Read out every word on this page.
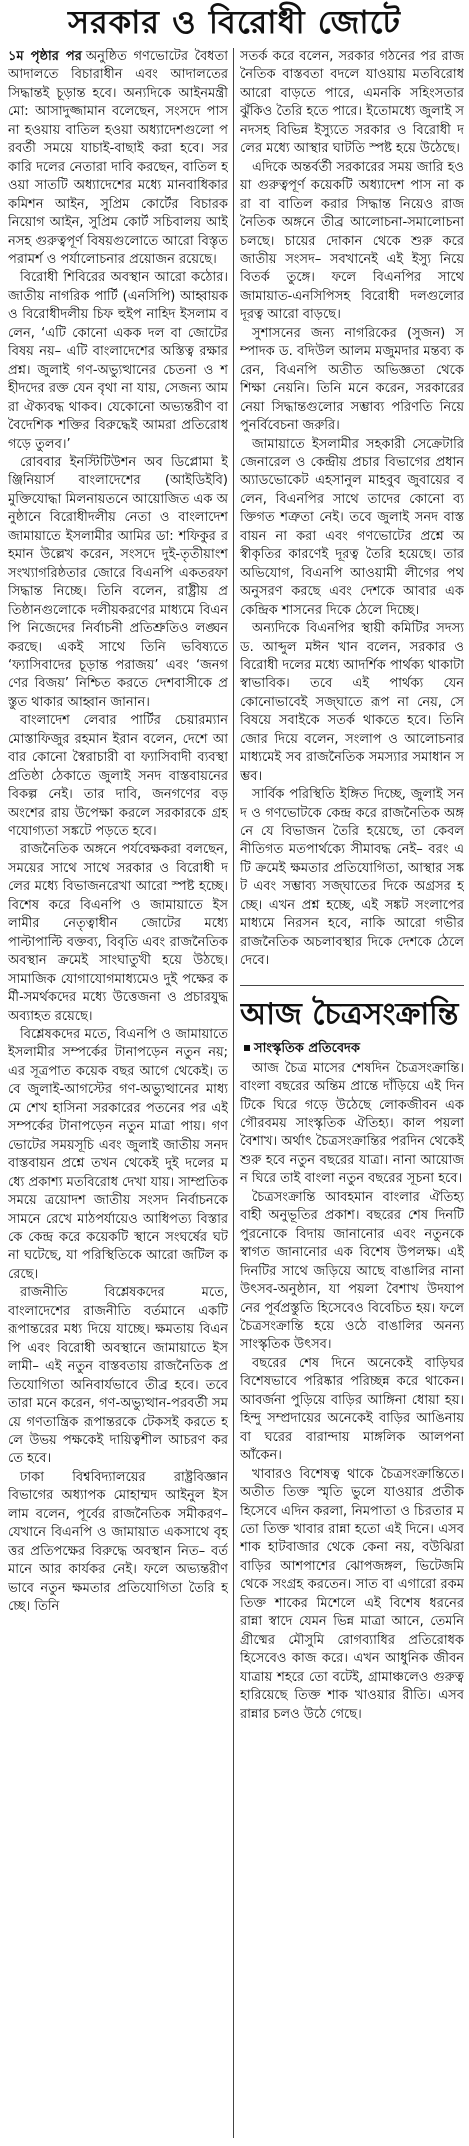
সরকার ও বিরোধী জোটে

১ম পৃষ্ঠার পর অনুষ্ঠিত গণভোটের বৈধতা আদালতে বিচারাধীন এবং আদালতের সিদ্ধান্তই চূড়ান্ত হবে। অন্যদিকে আইনমন্ত্রী মো: আসাদুজ্জামান বলেছেন, সংসদে পাস না হওয়ায় বাতিল হওয়া অধ্যাদেশগুলো পরবর্তী সময়ে যাচাই-বাছাই করা হবে। সরকারি দলের নেতারা দাবি করছেন, বাতিল হওয়া সাতটি অধ্যাদেশের মধ্যে মানবাধিকার কমিশন আইন, সুপ্রিম কোর্টের বিচারক নিয়োগ আইন, সুপ্রিম কোর্ট সচিবালয় আইনসহ গুরুত্বপূর্ণ বিষয়গুলোতে আরো বিস্তৃত পরামর্শ ও পর্যালোচনার প্রয়োজন রয়েছে।

বিরোধী শিবিরের অবস্থান আরো কঠোর। জাতীয় নাগরিক পার্টি (এনসিপি) আহ্বায়ক ও বিরোধীদলীয় চিফ হুইপ নাহিদ ইসলাম বলেন, ‘এটি কোনো একক দল বা জোটের বিষয় নয়– এটি বাংলাদেশের অস্তিত্ব রক্ষার প্রশ্ন। জুলাই গণ-অভ্যুত্থানের চেতনা ও শহীদদের রক্ত যেন বৃথা না যায়, সেজন্য আমরা ঐক্যবদ্ধ থাকব। যেকোনো অভ্যন্তরীণ বা বৈদেশিক শক্তির বিরুদ্ধেই আমরা প্রতিরোধ গড়ে তুলব।’

রোববার ইনস্টিটিউশন অব ডিপ্লোমা ইঞ্জিনিয়ার্স বাংলাদেশের (আইডিইবি) মুক্তিযোদ্ধা মিলনায়তনে আয়োজিত এক অনুষ্ঠানে বিরোধীদলীয় নেতা ও বাংলাদেশ জামায়াতে ইসলামীর আমির ডা: শফিকুর রহমান উল্লেখ করেন, সংসদে দুই-তৃতীয়াংশ সংখ্যাগরিষ্ঠতার জোরে বিএনপি একতরফা সিদ্ধান্ত নিচ্ছে। তিনি বলেন, রাষ্ট্রীয় প্রতিষ্ঠানগুলোকে দলীয়করণের মাধ্যমে বিএনপি নিজেদের নির্বাচনী প্রতিশ্রুতিও লঙ্ঘন করছে। একই সাথে তিনি ভবিষ্যতে ‘ফ্যাসিবাদের চূড়ান্ত পরাজয়’ এবং ‘জনগণের বিজয়’ নিশ্চিত করতে দেশবাসীকে প্রস্তুত থাকার আহ্বান জানান।

বাংলাদেশ লেবার পার্টির চেয়ারম্যান মোস্তাফিজুর রহমান ইরান বলেন, দেশে আবার কোনো স্বৈরাচারী বা ফ্যাসিবাদী ব্যবস্থা প্রতিষ্ঠা ঠেকাতে জুলাই সনদ বাস্তবায়নের বিকল্প নেই। তার দাবি, জনগণের বড় অংশের রায় উপেক্ষা করলে সরকারকে গ্রহণযোগ্যতা সঙ্কটে পড়তে হবে।

রাজনৈতিক অঙ্গনে পর্যবেক্ষকরা বলছেন, সময়ের সাথে সাথে সরকার ও বিরোধী দলের মধ্যে বিভাজনরেখা আরো স্পষ্ট হচ্ছে। বিশেষ করে বিএনপি ও জামায়াতে ইসলামীর নেতৃত্বাধীন জোটের মধ্যে পাল্টাপাল্টি বক্তব্য, বিবৃতি এবং রাজনৈতিক অবস্থান ক্রমেই সাংঘাতুখী হয়ে উঠছে। সামাজিক যোগাযোগমাধ্যমেও দুই পক্ষের কর্মী-সমর্থকদের মধ্যে উত্তেজনা ও প্রচারযুদ্ধ অব্যাহত রয়েছে।

বিশ্লেষকদের মতে, বিএনপি ও জামায়াতে ইসলামীর সম্পর্কের টানাপড়েন নতুন নয়; এর সূত্রপাত কয়েক বছর আগে থেকেই। তবে জুলাই-আগস্টের গণ-অভ্যুত্থানের মাধ্যমে শেখ হাসিনা সরকারের পতনের পর এই সম্পর্কের টানাপড়েন নতুন মাত্রা পায়। গণভোটের সময়সূচি এবং জুলাই জাতীয় সনদ বাস্তবায়ন প্রশ্নে তখন থেকেই দুই দলের মধ্যে প্রকাশ্য মতবিরোধ দেখা যায়। সাম্প্রতিক সময়ে ত্রয়োদশ জাতীয় সংসদ নির্বাচনকে সামনে রেখে মাঠপর্যায়েও আধিপত্য বিস্তারকে কেন্দ্র করে কয়েকটি স্থানে সংঘর্ষের ঘটনা ঘটেছে, যা পরিস্থিতিকে আরো জটিল করেছে।

রাজনীতি বিশ্লেষকদের মতে, বাংলাদেশের রাজনীতি বর্তমানে একটি রূপান্তরের মধ্য দিয়ে যাচ্ছে। ক্ষমতায় বিএনপি এবং বিরোধী অবস্থানে জামায়াতে ইসলামী– এই নতুন বাস্তবতায় রাজনৈতিক প্রতিযোগিতা অনিবার্যভাবে তীব্র হবে। তবে তারা মনে করেন, গণ-অভ্যুত্থান-পরবর্তী সময়ে গণতান্ত্রিক রূপান্তরকে টেকসই করতে হলে উভয় পক্ষকেই দায়িত্বশীল আচরণ করতে হবে।

ঢাকা বিশ্ববিদ্যালয়ের রাষ্ট্রবিজ্ঞান বিভাগের অধ্যাপক মোহাম্মদ আইনুল ইসলাম বলেন, পূর্বের রাজনৈতিক সমীকরণ– যেখানে বিএনপি ও জামায়াত একসাথে বৃহত্তর প্রতিপক্ষের বিরুদ্ধে অবস্থান নিত– বর্তমানে আর কার্যকর নেই। ফলে অভ্যন্তরীণভাবে নতুন ক্ষমতার প্রতিযোগিতা তৈরি হচ্ছে। তিনি

সতর্ক করে বলেন, সরকার গঠনের পর রাজনৈতিক বাস্তবতা বদলে যাওয়ায় মতবিরোধ আরো বাড়তে পারে, এমনকি সহিংসতার ঝুঁকিও তৈরি হতে পারে। ইতোমধ্যে জুলাই সনদসহ বিভিন্ন ইস্যুতে সরকার ও বিরোধী দলের মধ্যে আস্থার ঘাটতি স্পষ্ট হয়ে উঠেছে।

এদিকে অন্তর্বর্তী সরকারের সময় জারি হওয়া গুরুত্বপূর্ণ কয়েকটি অধ্যাদেশ পাস না করা বা বাতিল করার সিদ্ধান্ত নিয়েও রাজনৈতিক অঙ্গনে তীব্র আলোচনা-সমালোচনা চলছে। চায়ের দোকান থেকে শুরু করে জাতীয় সংসদ– সবখানেই এই ইস্যু নিয়ে বিতর্ক তুঙ্গে। ফলে বিএনপির সাথে জামায়াত-এনসিপিসহ বিরোধী দলগুলোর দূরত্ব আরো বাড়ছে।

সুশাসনের জন্য নাগরিকের (সুজন) সম্পাদক ড. বদিউল আলম মজুমদার মন্তব্য করেন, বিএনপি অতীত অভিজ্ঞতা থেকে শিক্ষা নেয়নি। তিনি মনে করেন, সরকারের নেয়া সিদ্ধান্তগুলোর সম্ভাব্য পরিণতি নিয়ে পুনর্বিবেচনা জরুরি।

জামায়াতে ইসলামীর সহকারী সেক্রেটারি জেনারেল ও কেন্দ্রীয় প্রচার বিভাগের প্রধান অ্যাডভোকেট এহসানুল মাহবুব জুবায়ের বলেন, বিএনপির সাথে তাদের কোনো ব্যক্তিগত শত্রুতা নেই। তবে জুলাই সনদ বাস্তবায়ন না করা এবং গণভোটের প্রশ্নে অস্বীকৃতির কারণেই দূরত্ব তৈরি হয়েছে। তার অভিযোগ, বিএনপি আওয়ামী লীগের পথ অনুসরণ করছে এবং দেশকে আবার এককেন্দ্রিক শাসনের দিকে ঠেলে দিচ্ছে।

অন্যদিকে বিএনপির স্থায়ী কমিটির সদস্য ড. আব্দুল মঈন খান বলেন, সরকার ও বিরোধী দলের মধ্যে আদর্শিক পার্থক্য থাকাটা স্বাভাবিক। তবে এই পার্থক্য যেন কোনোভাবেই সজ্ঘাতে রূপ না নেয়, সে বিষয়ে সবাইকে সতর্ক থাকতে হবে। তিনি জোর দিয়ে বলেন, সংলাপ ও আলোচনার মাধ্যমেই সব রাজনৈতিক সমস্যার সমাধান সম্ভব।

সার্বিক পরিস্থিতি ইঙ্গিত দিচ্ছে, জুলাই সনদ ও গণভোটকে কেন্দ্র করে রাজনৈতিক অঙ্গনে যে বিভাজন তৈরি হয়েছে, তা কেবল নীতিগত মতপার্থক্যে সীমাবদ্ধ নেই– বরং এটি ক্রমেই ক্ষমতার প্রতিযোগিতা, আস্থার সঙ্কট এবং সম্ভাব্য সজ্ঘাতের দিকে অগ্রসর হচ্ছে। এখন প্রশ্ন হচ্ছে, এই সঙ্কট সংলাপের মাধ্যমে নিরসন হবে, নাকি আরো গভীর রাজনৈতিক অচলাবস্থার দিকে দেশকে ঠেলে দেবে।

আজ চৈত্রসংক্রান্তি
সাংস্কৃতিক প্রতিবেদক

আজ চৈত্র মাসের শেষদিন চৈত্রসংক্রান্তি। বাংলা বছরের অন্তিম প্রান্তে দাঁড়িয়ে এই দিনটিকে ঘিরে গড়ে উঠেছে লোকজীবন এক গৌরবময় সাংস্কৃতিক ঐতিহ্য। কাল পয়লা বৈশাখ। অর্থাৎ চৈত্রসংক্রান্তির পরদিন থেকেই শুরু হবে নতুন বছরের যাত্রা। নানা আয়োজন ঘিরে তাই বাংলা নতুন বছরের সূচনা হবে।

চৈত্রসংক্রান্তি আবহমান বাংলার ঐতিহ্যবাহী অনুভূতির প্রকাশ। বছরের শেষ দিনটি পুরনোকে বিদায় জানানোর এবং নতুনকে স্বাগত জানানোর এক বিশেষ উপলক্ষ। এই দিনটির সাথে জড়িয়ে আছে বাঙালির নানা উৎসব-অনুষ্ঠান, যা পয়লা বৈশাখ উদযাপনের পূর্বপ্রস্তুতি হিসেবেও বিবেচিত হয়। ফলে চৈত্রসংক্রান্তি হয়ে ওঠে বাঙালির অনন্য সাংস্কৃতিক উৎসব।

বছরের শেষ দিনে অনেকেই বাড়িঘর বিশেষভাবে পরিষ্কার পরিচ্ছন্ন করে থাকেন। আবর্জনা পুড়িয়ে বাড়ির আঙ্গিনা ধোয়া হয়। হিন্দু সম্প্রদায়ের অনেকেই বাড়ির আঙিনায় বা ঘরের বারান্দায় মাঙ্গলিক আলপনা আঁকেন।

খাবারও বিশেষত্ব থাকে চৈত্রসংক্রান্তিতে। অতীত তিক্ত স্মৃতি ভুলে যাওয়ার প্রতীক হিসেবে এদিন করলা, নিমপাতা ও চিরতার মতো তিক্ত খাবার রান্না হতো এই দিনে। এসব শাক হাটবাজার থেকে কেনা নয়, বউঝিরা বাড়ির আশপাশের ঝোপজঙ্গল, ভিটেজমি থেকে সংগ্রহ করতেন। সাত বা এগারো রকম তিক্ত শাকের মিশেলে এই বিশেষ ধরনের রান্না স্বাদে যেমন ভিন্ন মাত্রা আনে, তেমনি গ্রীষ্মের মৌসুমি রোগব্যাধির প্রতিরোধক হিসেবেও কাজ করে। এখন আধুনিক জীবনযাত্রায় শহরে তো বটেই, গ্রামাঞ্চলেও গুরুত্ব হারিয়েছে তিক্ত শাক খাওয়ার রীতি। এসব রান্নার চলও উঠে গেছে।
